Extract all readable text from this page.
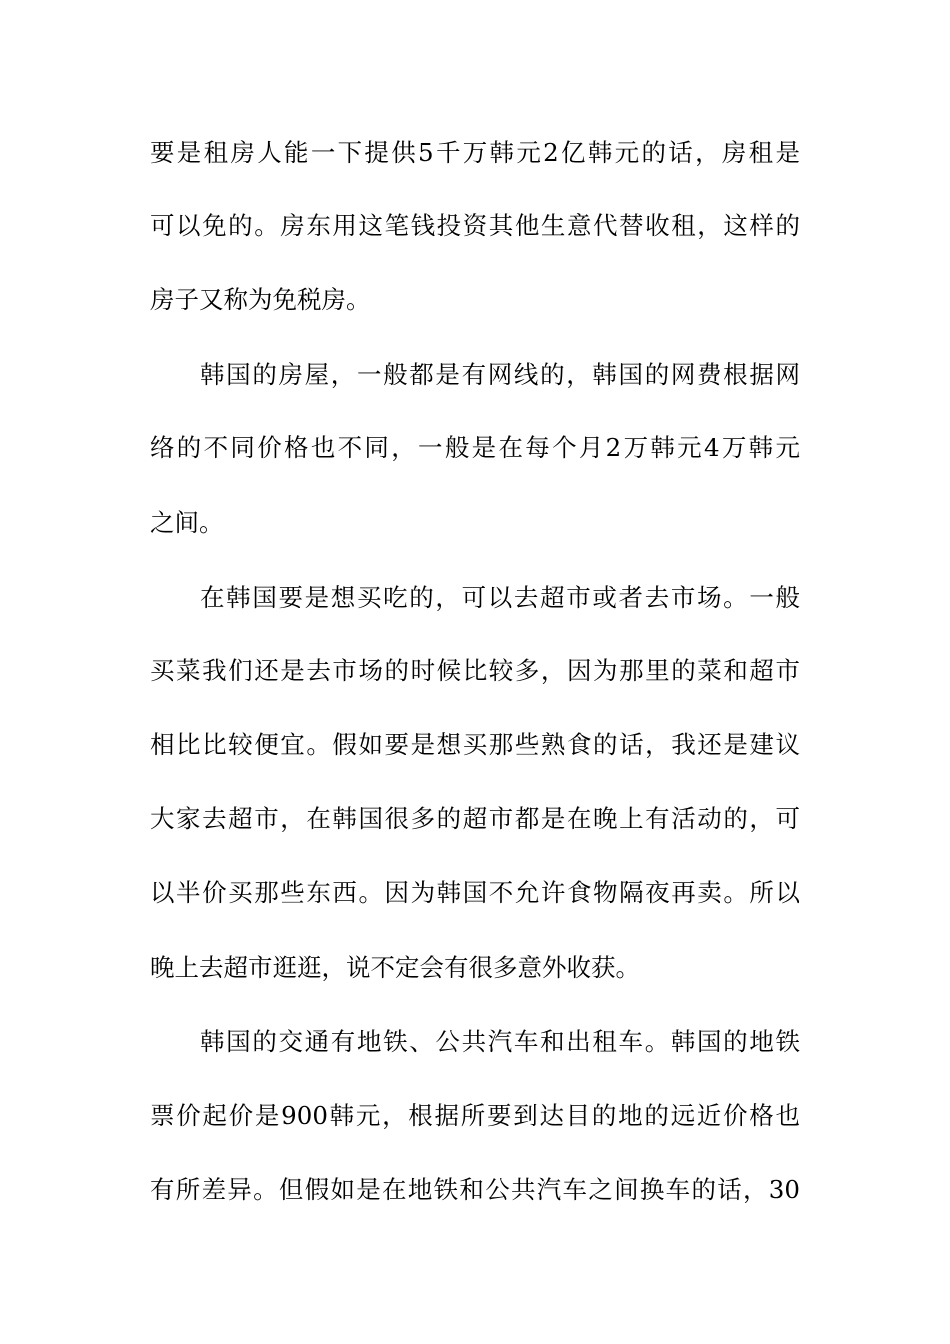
要是租房人能一下提供5千万韩元2亿韩元的话，房租是
可以免的。房东用这笔钱投资其他生意代替收租，这样的
房子又称为免税房。
韩国的房屋，一般都是有网线的，韩国的网费根据网
络的不同价格也不同，一般是在每个月2万韩元4万韩元
之间。
在韩国要是想买吃的，可以去超市或者去市场。一般
买菜我们还是去市场的时候比较多，因为那里的菜和超市
相比比较便宜。假如要是想买那些熟食的话，我还是建议
大家去超市，在韩国很多的超市都是在晚上有活动的，可
以半价买那些东西。因为韩国不允许食物隔夜再卖。所以
晚上去超市逛逛，说不定会有很多意外收获。
韩国的交通有地铁、公共汽车和出租车。韩国的地铁
票价起价是900韩元，根据所要到达目的地的远近价格也
有所差异。但假如是在地铁和公共汽车之间换车的话，30
